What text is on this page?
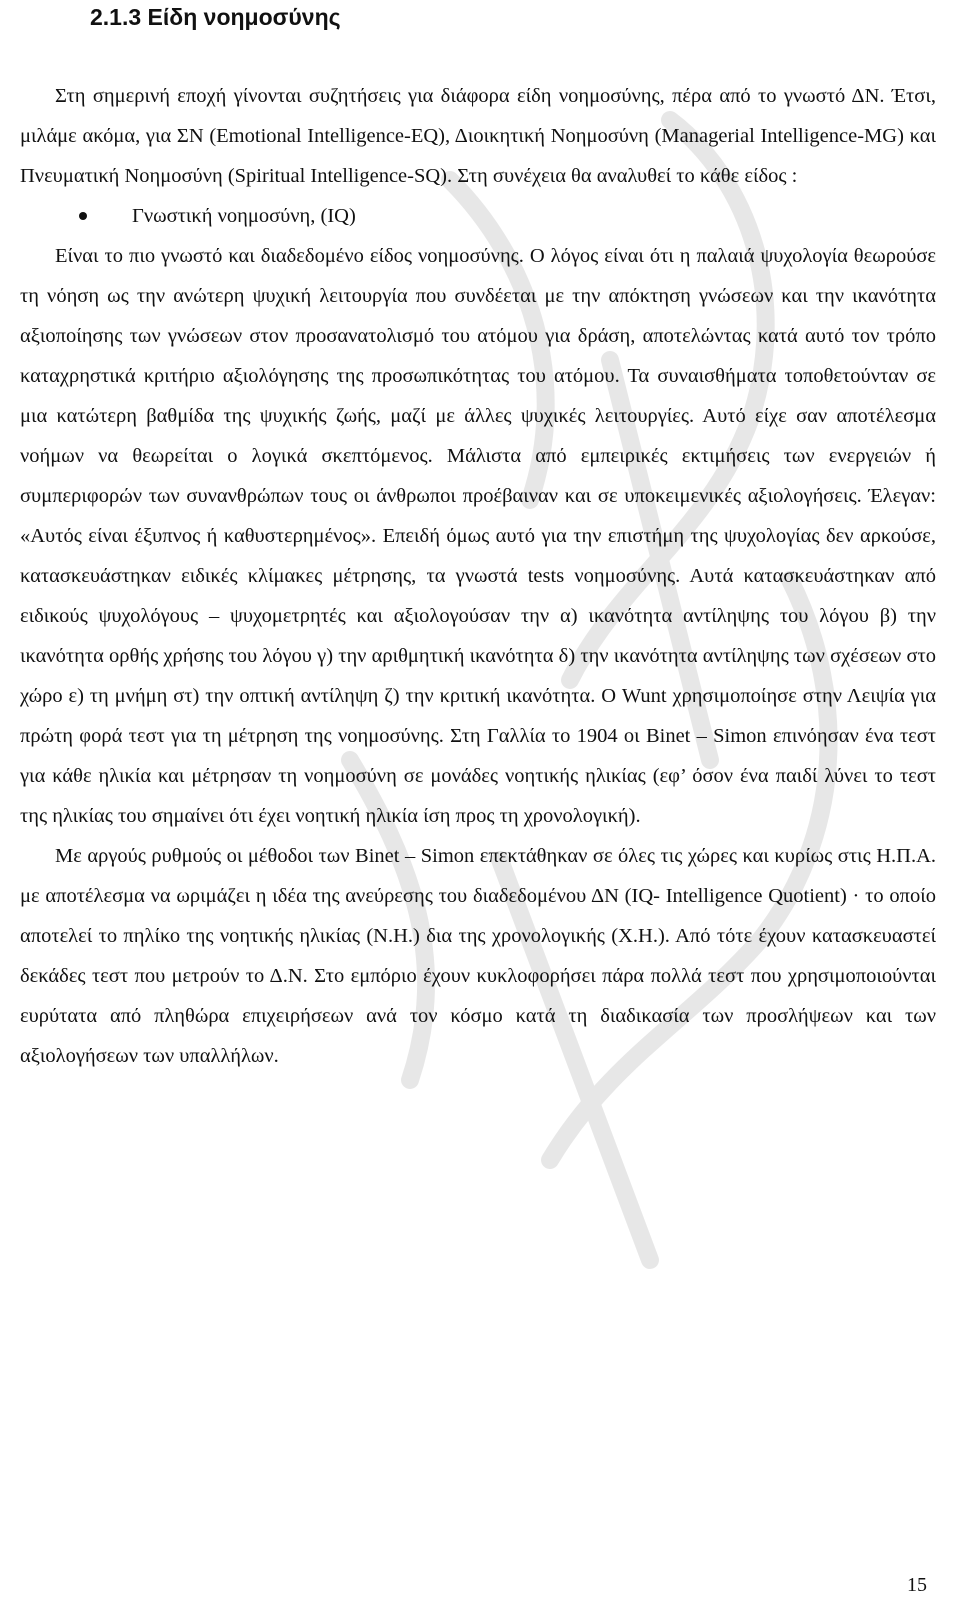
2.1.3 Είδη νοημοσύνης

Στη σημερινή εποχή γίνονται συζητήσεις για διάφορα είδη νοημοσύνης, πέρα από το γνωστό ΔΝ. Έτσι, μιλάμε ακόμα, για ΣΝ (Emotional Intelligence-EQ), Διοικητική Νοημοσύνη (Managerial Intelligence-MG) και Πνευματική Νοημοσύνη (Spiritual Intelligence-SQ). Στη συνέχεια θα αναλυθεί το κάθε είδος :

Γνωστική νοημοσύνη, (IQ)

Είναι το πιο γνωστό και διαδεδομένο είδος νοημοσύνης. Ο λόγος είναι ότι η παλαιά ψυχολογία θεωρούσε τη νόηση ως την ανώτερη ψυχική λειτουργία που συνδέεται με την απόκτηση γνώσεων και την ικανότητα αξιοποίησης των γνώσεων στον προσανατολισμό του ατόμου για δράση, αποτελώντας κατά αυτό τον τρόπο καταχρηστικά κριτήριο αξιολόγησης της προσωπικότητας του ατόμου. Τα συναισθήματα τοποθετούνταν σε μια κατώτερη βαθμίδα της ψυχικής ζωής, μαζί με άλλες ψυχικές λειτουργίες. Αυτό είχε σαν αποτέλεσμα νοήμων να θεωρείται ο λογικά σκεπτόμενος. Μάλιστα από εμπειρικές εκτιμήσεις των ενεργειών ή συμπεριφορών των συνανθρώπων τους οι άνθρωποι προέβαιναν και σε υποκειμενικές αξιολογήσεις. Έλεγαν: «Αυτός είναι έξυπνος ή καθυστερημένος». Επειδή όμως αυτό για την επιστήμη της ψυχολογίας δεν αρκούσε, κατασκευάστηκαν ειδικές κλίμακες μέτρησης, τα γνωστά tests νοημοσύνης. Αυτά κατασκευάστηκαν από ειδικούς ψυχολόγους – ψυχομετρητές και αξιολογούσαν την α) ικανότητα αντίληψης του λόγου β) την ικανότητα ορθής χρήσης του λόγου γ) την αριθμητική ικανότητα δ) την ικανότητα αντίληψης των σχέσεων στο χώρο ε) τη μνήμη στ) την οπτική αντίληψη ζ) την κριτική ικανότητα. Ο Wunt χρησιμοποίησε στην Λειψία για πρώτη φορά τεστ για τη μέτρηση της νοημοσύνης. Στη Γαλλία το 1904 οι Binet – Simon επινόησαν ένα τεστ για κάθε ηλικία και μέτρησαν τη νοημοσύνη σε μονάδες νοητικής ηλικίας (εφ’ όσον ένα παιδί λύνει το τεστ της ηλικίας του σημαίνει ότι έχει νοητική ηλικία ίση προς τη χρονολογική).

Με αργούς ρυθμούς οι μέθοδοι των Binet – Simon επεκτάθηκαν σε όλες τις χώρες και κυρίως στις Η.Π.Α. με αποτέλεσμα να ωριμάζει η ιδέα της ανεύρεσης του διαδεδομένου ΔΝ (IQ- Intelligence Quotient) · το οποίο αποτελεί το πηλίκο της νοητικής ηλικίας (Ν.Η.) δια της χρονολογικής (Χ.Η.). Από τότε έχουν κατασκευαστεί δεκάδες τεστ που μετρούν το Δ.Ν. Στο εμπόριο έχουν κυκλοφορήσει πάρα πολλά τεστ που χρησιμοποιούνται ευρύτατα από πληθώρα επιχειρήσεων ανά τον κόσμο κατά τη διαδικασία των προσλήψεων και των αξιολογήσεων των υπαλλήλων.

15
